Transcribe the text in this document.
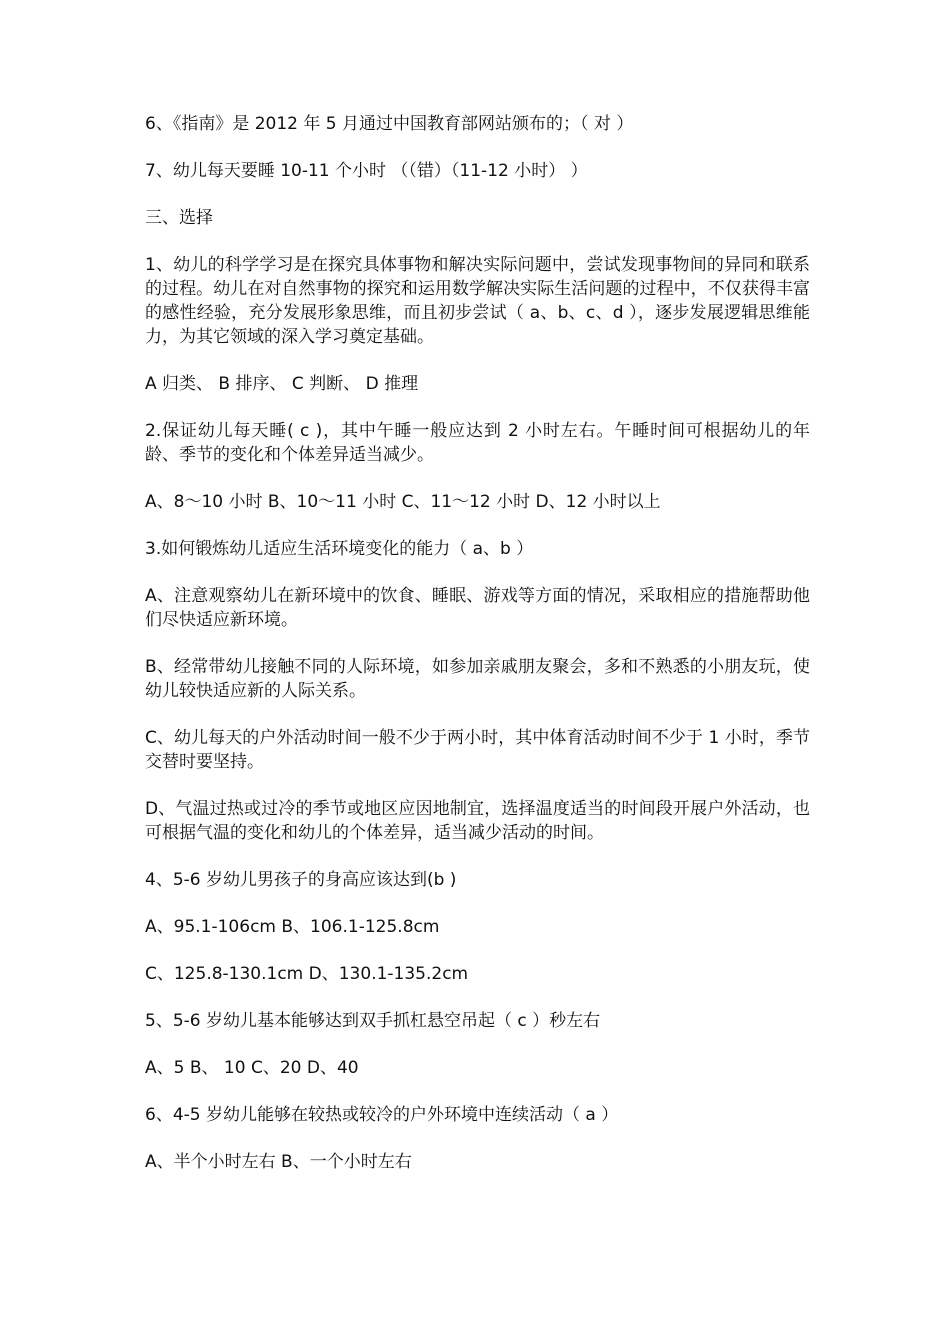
6、《指南》是 2012 年 5 月通过中国教育部网站颁布的；（ 对 ）

7、幼儿每天要睡 10-11 个小时 （（错）（11-12 小时） ）

三、选择

1、幼儿的科学学习是在探究具体事物和解决实际问题中，尝试发现事物间的异同和联系的过程。幼儿在对自然事物的探究和运用数学解决实际生活问题的过程中，不仅获得丰富的感性经验，充分发展形象思维，而且初步尝试（ a、b、c、d ），逐步发展逻辑思维能力，为其它领域的深入学习奠定基础。

A 归类、 B 排序、 C 判断、 D 推理

2.保证幼儿每天睡( c )，其中午睡一般应达到 2 小时左右。午睡时间可根据幼儿的年龄、季节的变化和个体差异适当减少。

A、8～10 小时 B、10～11 小时 C、11～12 小时 D、12 小时以上

3.如何锻炼幼儿适应生活环境变化的能力（ a、b ）

A、注意观察幼儿在新环境中的饮食、睡眠、游戏等方面的情况，采取相应的措施帮助他们尽快适应新环境。

B、经常带幼儿接触不同的人际环境，如参加亲戚朋友聚会，多和不熟悉的小朋友玩，使幼儿较快适应新的人际关系。

C、幼儿每天的户外活动时间一般不少于两小时，其中体育活动时间不少于 1 小时，季节交替时要坚持。

D、气温过热或过冷的季节或地区应因地制宜，选择温度适当的时间段开展户外活动，也可根据气温的变化和幼儿的个体差异，适当减少活动的时间。

4、5-6 岁幼儿男孩子的身高应该达到(b )

A、95.1-106cm B、106.1-125.8cm

C、125.8-130.1cm D、130.1-135.2cm

5、5-6 岁幼儿基本能够达到双手抓杠悬空吊起（ c ）秒左右

A、5 B、 10 C、20 D、40

6、4-5 岁幼儿能够在较热或较冷的户外环境中连续活动（ a ）

A、半个小时左右 B、一个小时左右
